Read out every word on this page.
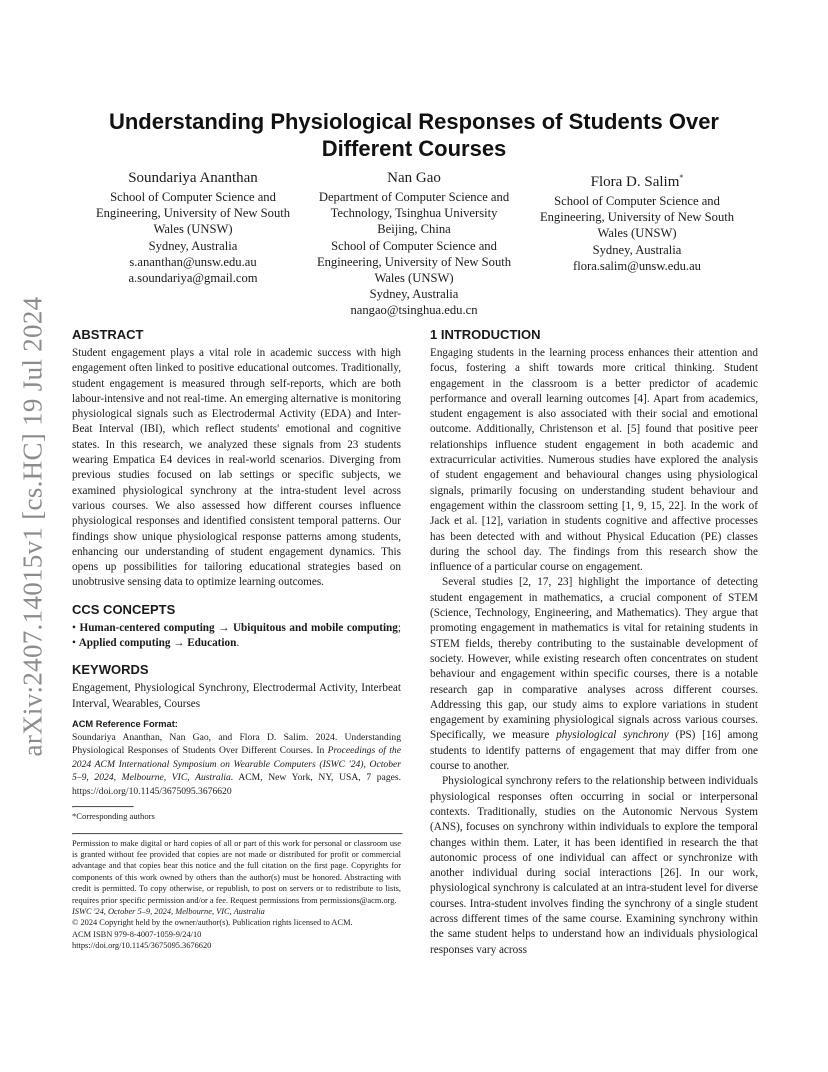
arXiv:2407.14015v1 [cs.HC] 19 Jul 2024
Understanding Physiological Responses of Students Over
Different Courses
Soundariya Ananthan
School of Computer Science and
Engineering, University of New South
Wales (UNSW)
Sydney, Australia
s.ananthan@unsw.edu.au
a.soundariya@gmail.com
Nan Gao
Department of Computer Science and
Technology, Tsinghua University
Beijing, China
School of Computer Science and
Engineering, University of New South
Wales (UNSW)
Sydney, Australia
nangao@tsinghua.edu.cn
Flora D. Salim*
School of Computer Science and
Engineering, University of New South
Wales (UNSW)
Sydney, Australia
flora.salim@unsw.edu.au
ABSTRACT

Student engagement plays a vital role in academic success with high engagement often linked to positive educational outcomes. Traditionally, student engagement is measured through self-reports, which are both labour-intensive and not real-time. An emerging alternative is monitoring physiological signals such as Electrodermal Activity (EDA) and Inter-Beat Interval (IBI), which reflect students' emotional and cognitive states. In this research, we analyzed these signals from 23 students wearing Empatica E4 devices in real-world scenarios. Diverging from previous studies focused on lab settings or specific subjects, we examined physiological synchrony at the intra-student level across various courses. We also assessed how different courses influence physiological responses and identified consistent temporal patterns. Our findings show unique physiological response patterns among students, enhancing our understanding of student engagement dynamics. This opens up possibilities for tailoring educational strategies based on unobtrusive sensing data to optimize learning outcomes.

CCS CONCEPTS

• Human-centered computing → Ubiquitous and mobile computing; • Applied computing → Education.

KEYWORDS

Engagement, Physiological Synchrony, Electrodermal Activity, Interbeat Interval, Wearables, Courses

ACM Reference Format:

Soundariya Ananthan, Nan Gao, and Flora D. Salim. 2024. Understanding Physiological Responses of Students Over Different Courses. In Proceedings of the 2024 ACM International Symposium on Wearable Computers (ISWC '24), October 5–9, 2024, Melbourne, VIC, Australia. ACM, New York, NY, USA, 7 pages. https://doi.org/10.1145/3675095.3676620

*Corresponding authors

Permission to make digital or hard copies of all or part of this work for personal or classroom use is granted without fee provided that copies are not made or distributed for profit or commercial advantage and that copies bear this notice and the full citation on the first page. Copyrights for components of this work owned by others than the author(s) must be honored. Abstracting with credit is permitted. To copy otherwise, or republish, to post on servers or to redistribute to lists, requires prior specific permission and/or a fee. Request permissions from permissions@acm.org.

ISWC '24, October 5–9, 2024, Melbourne, VIC, Australia
© 2024 Copyright held by the owner/author(s). Publication rights licensed to ACM.
ACM ISBN 979-8-4007-1059-9/24/10
https://doi.org/10.1145/3675095.3676620
1 INTRODUCTION

Engaging students in the learning process enhances their attention and focus, fostering a shift towards more critical thinking. Student engagement in the classroom is a better predictor of academic performance and overall learning outcomes [4]. Apart from academics, student engagement is also associated with their social and emotional outcome. Additionally, Christenson et al. [5] found that positive peer relationships influence student engagement in both academic and extracurricular activities. Numerous studies have explored the analysis of student engagement and behavioural changes using physiological signals, primarily focusing on understanding student behaviour and engagement within the classroom setting [1, 9, 15, 22]. In the work of Jack et al. [12], variation in students cognitive and affective processes has been detected with and without Physical Education (PE) classes during the school day. The findings from this research show the influence of a particular course on engagement.

Several studies [2, 17, 23] highlight the importance of detecting student engagement in mathematics, a crucial component of STEM (Science, Technology, Engineering, and Mathematics). They argue that promoting engagement in mathematics is vital for retaining students in STEM fields, thereby contributing to the sustainable development of society. However, while existing research often concentrates on student behaviour and engagement within specific courses, there is a notable research gap in comparative analyses across different courses. Addressing this gap, our study aims to explore variations in student engagement by examining physiological signals across various courses. Specifically, we measure physiological synchrony (PS) [16] among students to identify patterns of engagement that may differ from one course to another.

Physiological synchrony refers to the relationship between individuals physiological responses often occurring in social or interpersonal contexts. Traditionally, studies on the Autonomic Nervous System (ANS), focuses on synchrony within individuals to explore the temporal changes within them. Later, it has been identified in research the that autonomic process of one individual can affect or synchronize with another individual during social interactions [26]. In our work, physiological synchrony is calculated at an intra-student level for diverse courses. Intra-student involves finding the synchrony of a single student across different times of the same course. Examining synchrony within the same student helps to understand how an individuals physiological responses vary across
